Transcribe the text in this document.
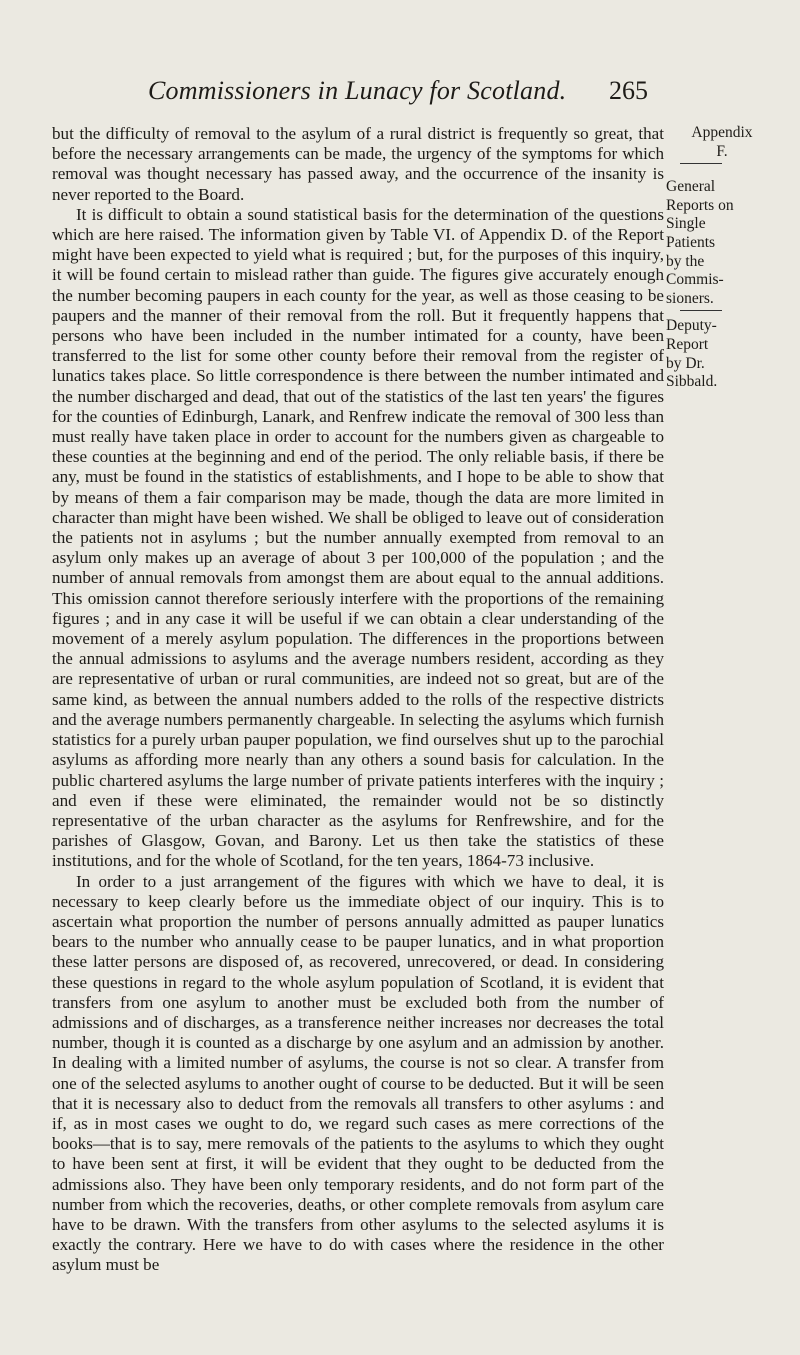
Commissioners in Lunacy for Scotland. 265

but the difficulty of removal to the asylum of a rural district is frequently so great, that before the necessary arrangements can be made, the urgency of the symptoms for which removal was thought necessary has passed away, and the occurrence of the insanity is never reported to the Board.

It is difficult to obtain a sound statistical basis for the determination of the questions which are here raised. The information given by Table VI. of Appendix D. of the Report might have been expected to yield what is required ; but, for the purposes of this inquiry, it will be found certain to mislead rather than guide. The figures give accurately enough the number becoming paupers in each county for the year, as well as those ceasing to be paupers and the manner of their removal from the roll. But it frequently happens that persons who have been included in the number intimated for a county, have been transferred to the list for some other county before their removal from the register of lunatics takes place. So little correspondence is there between the number intimated and the number discharged and dead, that out of the statistics of the last ten years' the figures for the counties of Edinburgh, Lanark, and Renfrew indicate the removal of 300 less than must really have taken place in order to account for the numbers given as chargeable to these counties at the beginning and end of the period. The only reliable basis, if there be any, must be found in the statistics of establishments, and I hope to be able to show that by means of them a fair comparison may be made, though the data are more limited in character than might have been wished. We shall be obliged to leave out of consideration the patients not in asylums ; but the number annually exempted from removal to an asylum only makes up an average of about 3 per 100,000 of the population ; and the number of annual removals from amongst them are about equal to the annual additions. This omission cannot therefore seriously interfere with the proportions of the remaining figures ; and in any case it will be useful if we can obtain a clear understanding of the movement of a merely asylum population. The differences in the proportions between the annual admissions to asylums and the average numbers resident, according as they are representative of urban or rural communities, are indeed not so great, but are of the same kind, as between the annual numbers added to the rolls of the respective districts and the average numbers permanently chargeable. In selecting the asylums which furnish statistics for a purely urban pauper population, we find ourselves shut up to the parochial asylums as affording more nearly than any others a sound basis for calculation. In the public chartered asylums the large number of private patients interferes with the inquiry ; and even if these were eliminated, the remainder would not be so distinctly representative of the urban character as the asylums for Renfrewshire, and for the parishes of Glasgow, Govan, and Barony. Let us then take the statistics of these institutions, and for the whole of Scotland, for the ten years, 1864-73 inclusive.

In order to a just arrangement of the figures with which we have to deal, it is necessary to keep clearly before us the immediate object of our inquiry. This is to ascertain what proportion the number of persons annually admitted as pauper lunatics bears to the number who annually cease to be pauper lunatics, and in what proportion these latter persons are disposed of, as recovered, unrecovered, or dead. In considering these questions in regard to the whole asylum population of Scotland, it is evident that transfers from one asylum to another must be excluded both from the number of admissions and of discharges, as a transference neither increases nor decreases the total number, though it is counted as a discharge by one asylum and an admission by another. In dealing with a limited number of asylums, the course is not so clear. A transfer from one of the selected asylums to another ought of course to be deducted. But it will be seen that it is necessary also to deduct from the removals all transfers to other asylums : and if, as in most cases we ought to do, we regard such cases as mere corrections of the books—that is to say, mere removals of the patients to the asylums to which they ought to have been sent at first, it will be evident that they ought to be deducted from the admissions also. They have been only temporary residents, and do not form part of the number from which the recoveries, deaths, or other complete removals from asylum care have to be drawn. With the transfers from other asylums to the selected asylums it is exactly the contrary. Here we have to do with cases where the residence in the other asylum must be

Appendix
F.
General
Reports on
Single
Patients
by the
Commis-
sioners.
Deputy-
Report
by Dr.
Sibbald.
